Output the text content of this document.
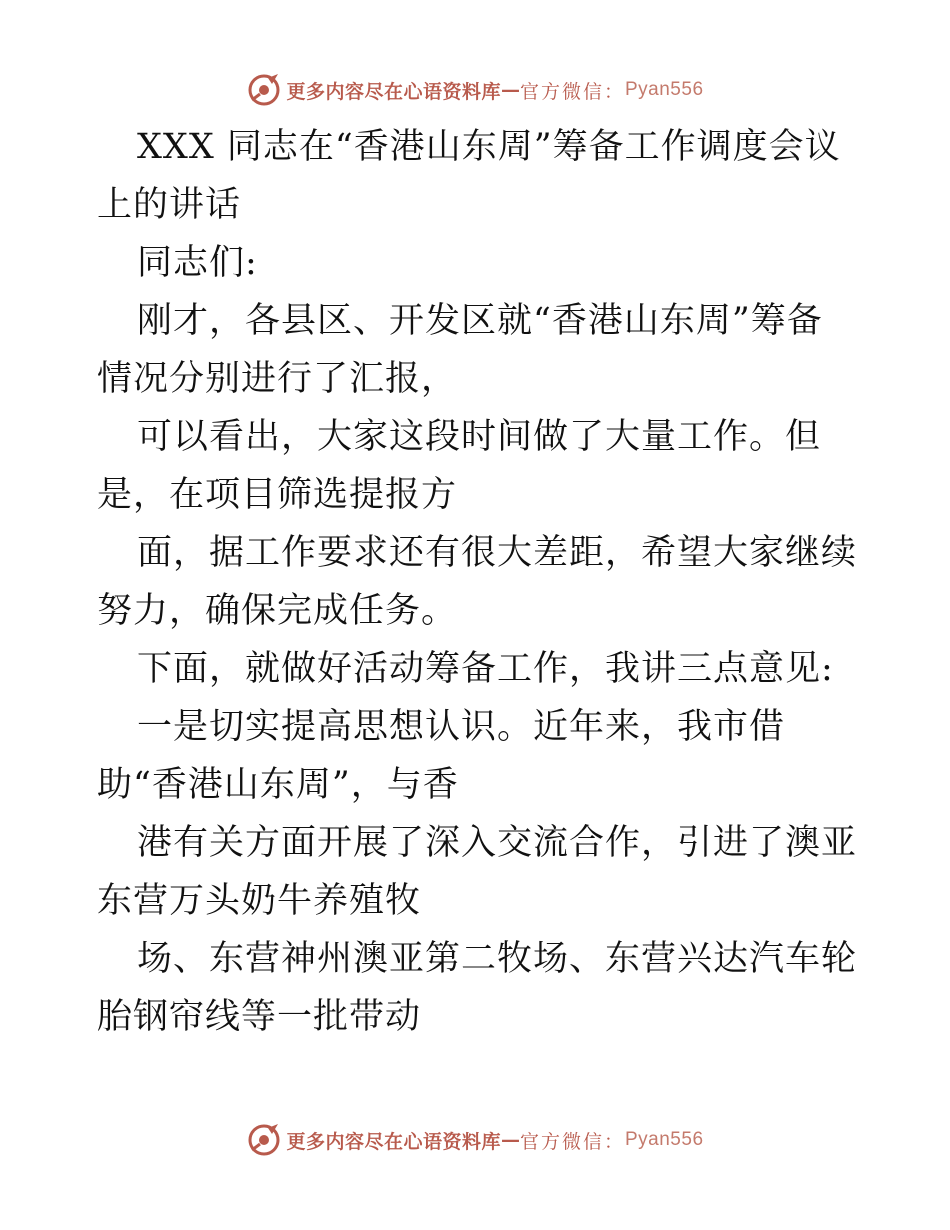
更多内容尽在心语资料库 — 官方微信： Pyan556

XXX 同志在“香港山东周”筹备工作调度会议上的讲话

同志们:

刚才，各县区、开发区就“香港山东周”筹备情况分别进行了汇报，

可以看出，大家这段时间做了大量工作。但是，在项目筛选提报方

面，据工作要求还有很大差距，希望大家继续努力，确保完成任务。

下面，就做好活动筹备工作，我讲三点意见:

一是切实提高思想认识。近年来，我市借助“香港山东周”，与香

港有关方面开展了深入交流合作，引进了澳亚东营万头奶牛养殖牧

场、东营神州澳亚第二牧场、东营兴达汽车轮胎钢帘线等一批带动

更多内容尽在心语资料库 — 官方微信： Pyan556
